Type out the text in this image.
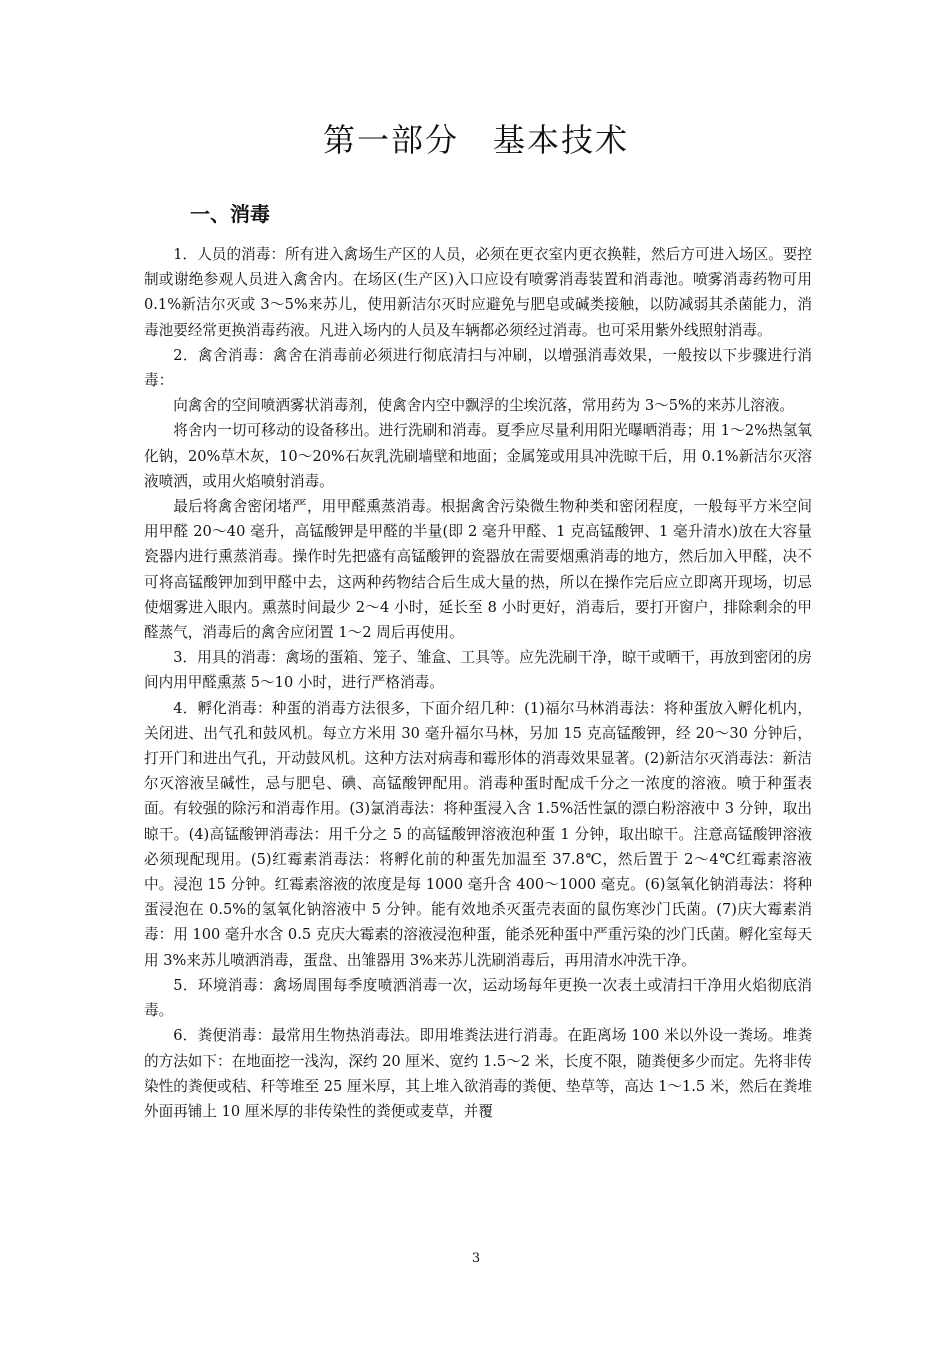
第一部分　基本技术
一、消毒

1．人员的消毒：所有进入禽场生产区的人员，必须在更衣室内更衣换鞋，然后方可进入场区。要控制或谢绝参观人员进入禽舍内。在场区(生产区)入口应设有喷雾消毒装置和消毒池。喷雾消毒药物可用 0.1%新洁尔灭或 3～5%来苏儿，使用新洁尔灭时应避免与肥皂或碱类接触，以防减弱其杀菌能力，消毒池要经常更换消毒药液。凡进入场内的人员及车辆都必须经过消毒。也可采用紫外线照射消毒。

2．禽舍消毒：禽舍在消毒前必须进行彻底清扫与冲刷，以增强消毒效果，一般按以下步骤进行消毒：

向禽舍的空间喷洒雾状消毒剂，使禽舍内空中飘浮的尘埃沉落，常用药为 3～5%的来苏儿溶液。

将舍内一切可移动的设备移出。进行洗刷和消毒。夏季应尽量利用阳光曝晒消毒；用 1～2%热氢氧化钠，20%草木灰，10～20%石灰乳洗刷墙壁和地面；金属笼或用具冲洗晾干后，用 0.1%新洁尔灭溶液喷洒，或用火焰喷射消毒。

最后将禽舍密闭堵严，用甲醛熏蒸消毒。根据禽舍污染微生物种类和密闭程度，一般每平方米空间用甲醛 20～40 毫升，高锰酸钾是甲醛的半量(即 2 毫升甲醛、1 克高锰酸钾、1 毫升清水)放在大容量瓷器内进行熏蒸消毒。操作时先把盛有高锰酸钾的瓷器放在需要烟熏消毒的地方，然后加入甲醛，决不可将高锰酸钾加到甲醛中去，这两种药物结合后生成大量的热，所以在操作完后应立即离开现场，切忌使烟雾进入眼内。熏蒸时间最少 2～4 小时，延长至 8 小时更好，消毒后，要打开窗户，排除剩余的甲醛蒸气，消毒后的禽舍应闭置 1～2 周后再使用。

3．用具的消毒：禽场的蛋箱、笼子、雏盒、工具等。应先洗刷干净，晾干或晒干，再放到密闭的房间内用甲醛熏蒸 5～10 小时，进行严格消毒。

4．孵化消毒：种蛋的消毒方法很多，下面介绍几种：(1)福尔马林消毒法：将种蛋放入孵化机内，关闭进、出气孔和鼓风机。每立方米用 30 毫升福尔马林，另加 15 克高锰酸钾，经 20～30 分钟后，打开门和进出气孔，开动鼓风机。这种方法对病毒和霉形体的消毒效果显著。(2)新洁尔灭消毒法：新洁尔灭溶液呈碱性，忌与肥皂、碘、高锰酸钾配用。消毒种蛋时配成千分之一浓度的溶液。喷于种蛋表面。有较强的除污和消毒作用。(3)氯消毒法：将种蛋浸入含 1.5%活性氯的漂白粉溶液中 3 分钟，取出晾干。(4)高锰酸钾消毒法：用千分之 5 的高锰酸钾溶液泡种蛋 1 分钟，取出晾干。注意高锰酸钾溶液必须现配现用。(5)红霉素消毒法：将孵化前的种蛋先加温至 37.8℃，然后置于 2～4℃红霉素溶液中。浸泡 15 分钟。红霉素溶液的浓度是每 1000 毫升含 400～1000 毫克。(6)氢氧化钠消毒法：将种蛋浸泡在 0.5%的氢氧化钠溶液中 5 分钟。能有效地杀灭蛋壳表面的鼠伤寒沙门氏菌。(7)庆大霉素消毒：用 100 毫升水含 0.5 克庆大霉素的溶液浸泡种蛋，能杀死种蛋中严重污染的沙门氏菌。孵化室每天用 3%来苏儿喷洒消毒，蛋盘、出雏器用 3%来苏儿洗刷消毒后，再用清水冲洗干净。

5．环境消毒：禽场周围每季度喷洒消毒一次，运动场每年更换一次表土或清扫干净用火焰彻底消毒。

6．粪便消毒：最常用生物热消毒法。即用堆粪法进行消毒。在距离场 100 米以外设一粪场。堆粪的方法如下：在地面挖一浅沟，深约 20 厘米、宽约 1.5～2 米，长度不限，随粪便多少而定。先将非传染性的粪便或秸、秆等堆至 25 厘米厚，其上堆入欲消毒的粪便、垫草等，高达 1～1.5 米，然后在粪堆外面再铺上 10 厘米厚的非传染性的粪便或麦草，并覆

3
